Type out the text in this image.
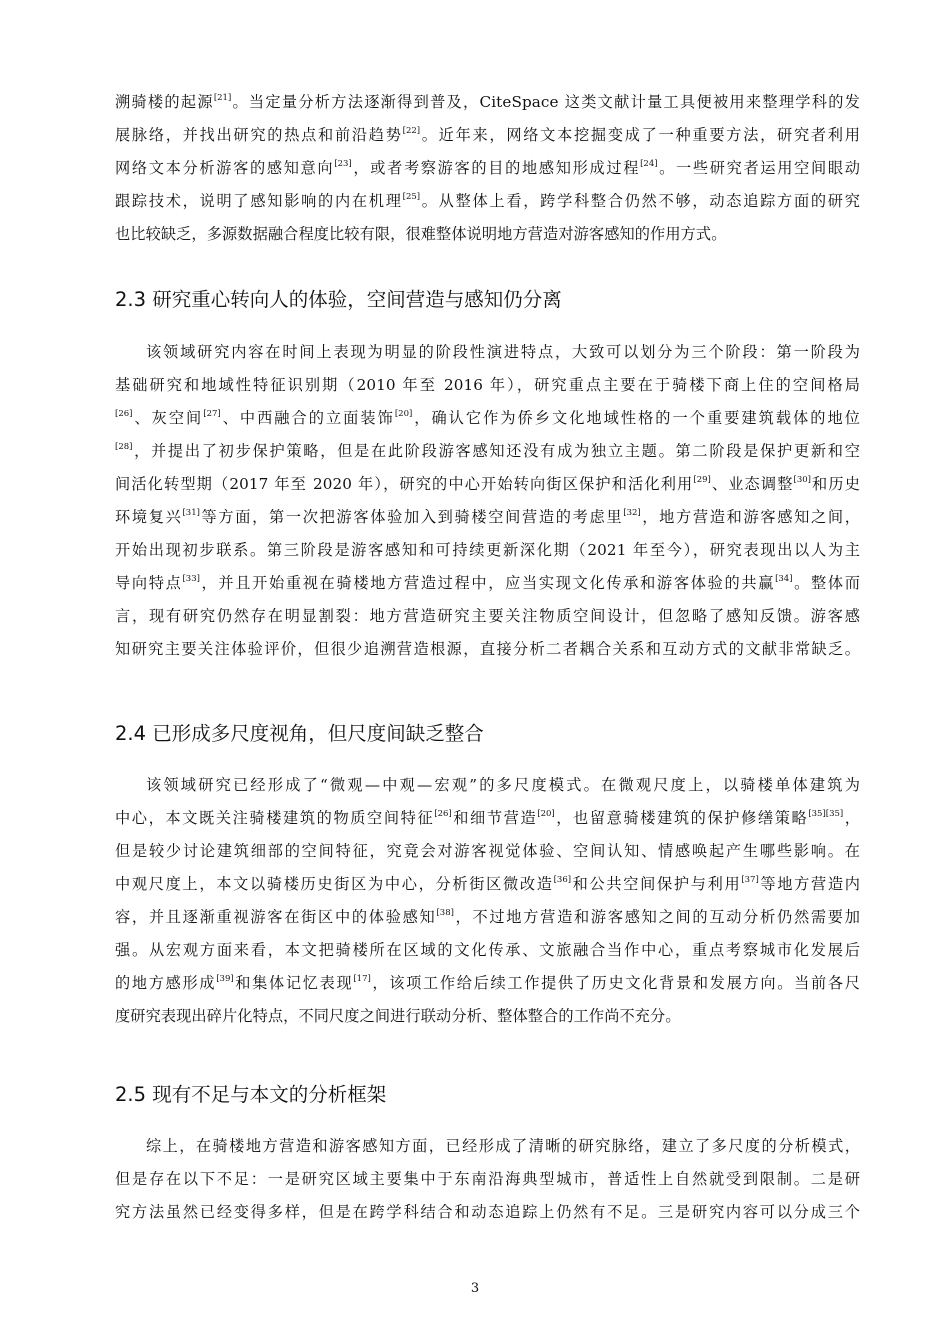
溯骑楼的起源[21]。当定量分析方法逐渐得到普及，CiteSpace 这类文献计量工具便被用来整理学科的发
展脉络，并找出研究的热点和前沿趋势[22]。近年来，网络文本挖掘变成了一种重要方法，研究者利用
网络文本分析游客的感知意向[23]，或者考察游客的目的地感知形成过程[24]。一些研究者运用空间眼动
跟踪技术，说明了感知影响的内在机理[25]。从整体上看，跨学科整合仍然不够，动态追踪方面的研究
也比较缺乏，多源数据融合程度比较有限，很难整体说明地方营造对游客感知的作用方式。
2.3 研究重心转向人的体验，空间营造与感知仍分离
该领域研究内容在时间上表现为明显的阶段性演进特点，大致可以划分为三个阶段：第一阶段为
基础研究和地域性特征识别期（2010 年至 2016 年），研究重点主要在于骑楼下商上住的空间格局
[26]、灰空间[27]、中西融合的立面装饰[20]，确认它作为侨乡文化地域性格的一个重要建筑载体的地位
[28]，并提出了初步保护策略，但是在此阶段游客感知还没有成为独立主题。第二阶段是保护更新和空
间活化转型期（2017 年至 2020 年），研究的中心开始转向街区保护和活化利用[29]、业态调整[30]和历史
环境复兴[31]等方面，第一次把游客体验加入到骑楼空间营造的考虑里[32]，地方营造和游客感知之间，
开始出现初步联系。第三阶段是游客感知和可持续更新深化期（2021 年至今），研究表现出以人为主
导向特点[33]，并且开始重视在骑楼地方营造过程中，应当实现文化传承和游客体验的共赢[34]。整体而
言，现有研究仍然存在明显割裂：地方营造研究主要关注物质空间设计，但忽略了感知反馈。游客感
知研究主要关注体验评价，但很少追溯营造根源，直接分析二者耦合关系和互动方式的文献非常缺乏。
2.4 已形成多尺度视角，但尺度间缺乏整合
该领域研究已经形成了“微观—中观—宏观”的多尺度模式。在微观尺度上，以骑楼单体建筑为
中心，本文既关注骑楼建筑的物质空间特征[26]和细节营造[20]，也留意骑楼建筑的保护修缮策略[35][35]，
但是较少讨论建筑细部的空间特征，究竟会对游客视觉体验、空间认知、情感唤起产生哪些影响。在
中观尺度上，本文以骑楼历史街区为中心，分析街区微改造[36]和公共空间保护与利用[37]等地方营造内
容，并且逐渐重视游客在街区中的体验感知[38]，不过地方营造和游客感知之间的互动分析仍然需要加
强。从宏观方面来看，本文把骑楼所在区域的文化传承、文旅融合当作中心，重点考察城市化发展后
的地方感形成[39]和集体记忆表现[17]，该项工作给后续工作提供了历史文化背景和发展方向。当前各尺
度研究表现出碎片化特点，不同尺度之间进行联动分析、整体整合的工作尚不充分。
2.5 现有不足与本文的分析框架
综上，在骑楼地方营造和游客感知方面，已经形成了清晰的研究脉络，建立了多尺度的分析模式，
但是存在以下不足：一是研究区域主要集中于东南沿海典型城市，普适性上自然就受到限制。二是研
究方法虽然已经变得多样，但是在跨学科结合和动态追踪上仍然有不足。三是研究内容可以分成三个
3
